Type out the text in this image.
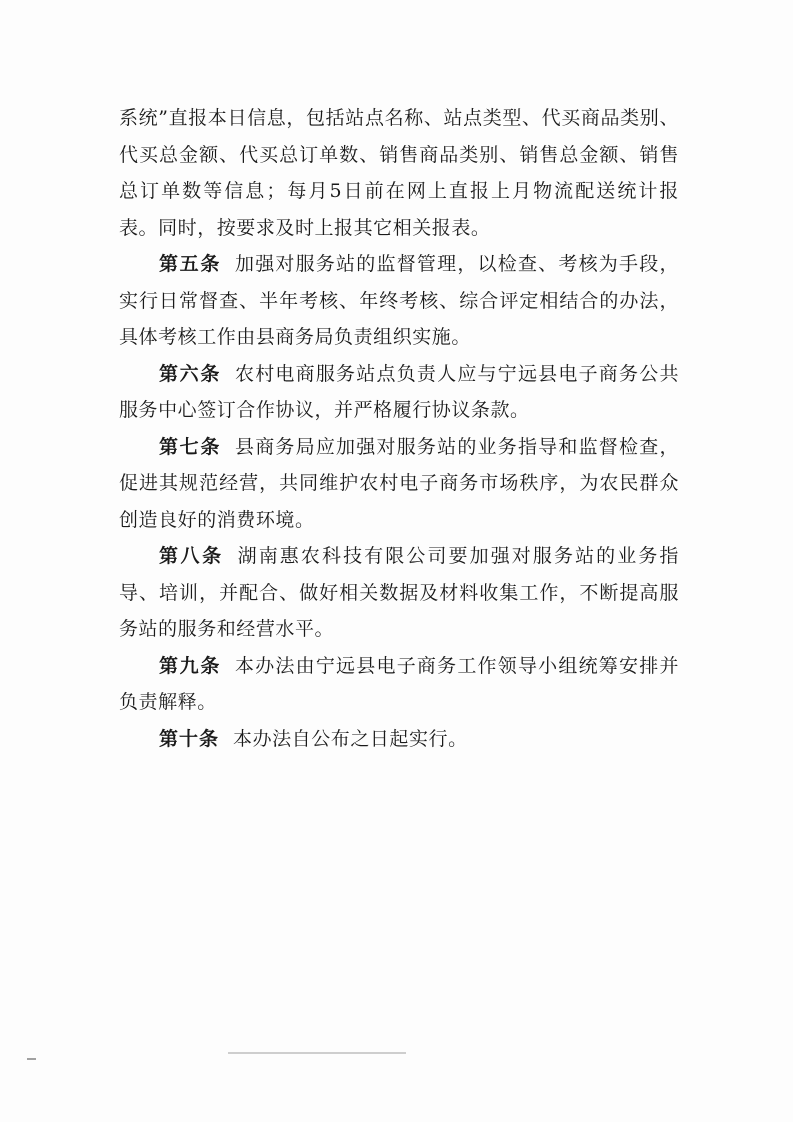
系统”直报本日信息，包括站点名称、站点类型、代买商品类别、代买总金额、代买总订单数、销售商品类别、销售总金额、销售总订单数等信息；每月5日前在网上直报上月物流配送统计报表。同时，按要求及时上报其它相关报表。

第五条 加强对服务站的监督管理，以检查、考核为手段，实行日常督查、半年考核、年终考核、综合评定相结合的办法，具体考核工作由县商务局负责组织实施。

第六条 农村电商服务站点负责人应与宁远县电子商务公共服务中心签订合作协议，并严格履行协议条款。

第七条 县商务局应加强对服务站的业务指导和监督检查，促进其规范经营，共同维护农村电子商务市场秩序，为农民群众创造良好的消费环境。

第八条 湖南惠农科技有限公司要加强对服务站的业务指导、培训，并配合、做好相关数据及材料收集工作，不断提高服务站的服务和经营水平。

第九条 本办法由宁远县电子商务工作领导小组统筹安排并负责解释。

第十条 本办法自公布之日起实行。
